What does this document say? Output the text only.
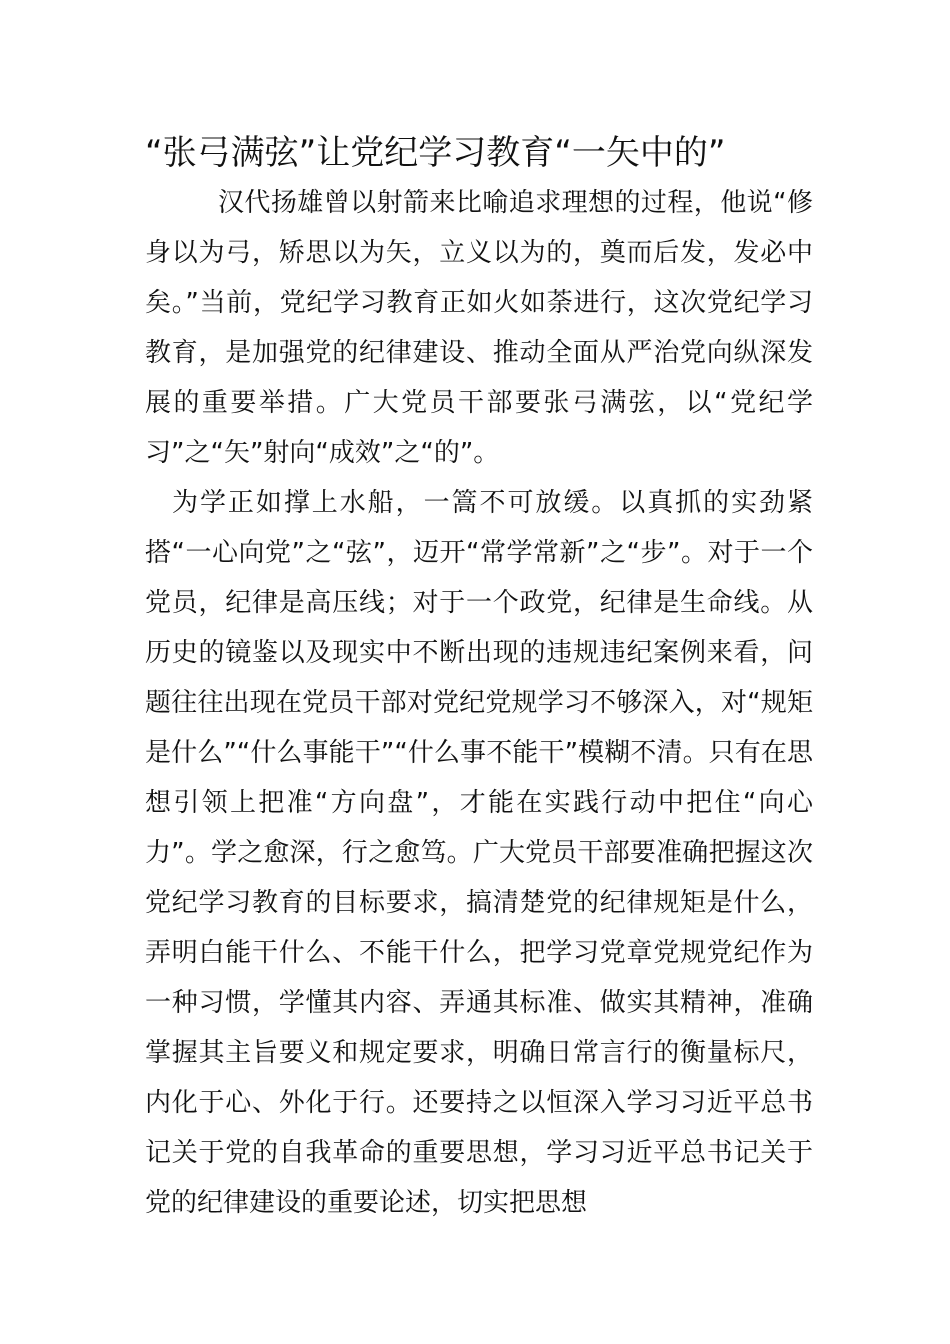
“张弓满弦”让党纪学习教育“一矢中的”

汉代扬雄曾以射箭来比喻追求理想的过程，他说“修身以为弓，矫思以为矢，立义以为的，奠而后发，发必中矣。”当前，党纪学习教育正如火如荼进行，这次党纪学习教育，是加强党的纪律建设、推动全面从严治党向纵深发展的重要举措。广大党员干部要张弓满弦，以“党纪学习”之“矢”射向“成效”之“的”。

为学正如撑上水船，一篙不可放缓。以真抓的实劲紧搭“一心向党”之“弦”，迈开“常学常新”之“步”。对于一个党员，纪律是高压线；对于一个政党，纪律是生命线。从历史的镜鉴以及现实中不断出现的违规违纪案例来看，问题往往出现在党员干部对党纪党规学习不够深入，对“规矩是什么”“什么事能干”“什么事不能干”模糊不清。只有在思想引领上把准“方向盘”，才能在实践行动中把住“向心力”。学之愈深，行之愈笃。广大党员干部要准确把握这次党纪学习教育的目标要求，搞清楚党的纪律规矩是什么，弄明白能干什么、不能干什么，把学习党章党规党纪作为一种习惯，学懂其内容、弄通其标准、做实其精神，准确掌握其主旨要义和规定要求，明确日常言行的衡量标尺，内化于心、外化于行。还要持之以恒深入学习习近平总书记关于党的自我革命的重要思想，学习习近平总书记关于党的纪律建设的重要论述，切实把思想
